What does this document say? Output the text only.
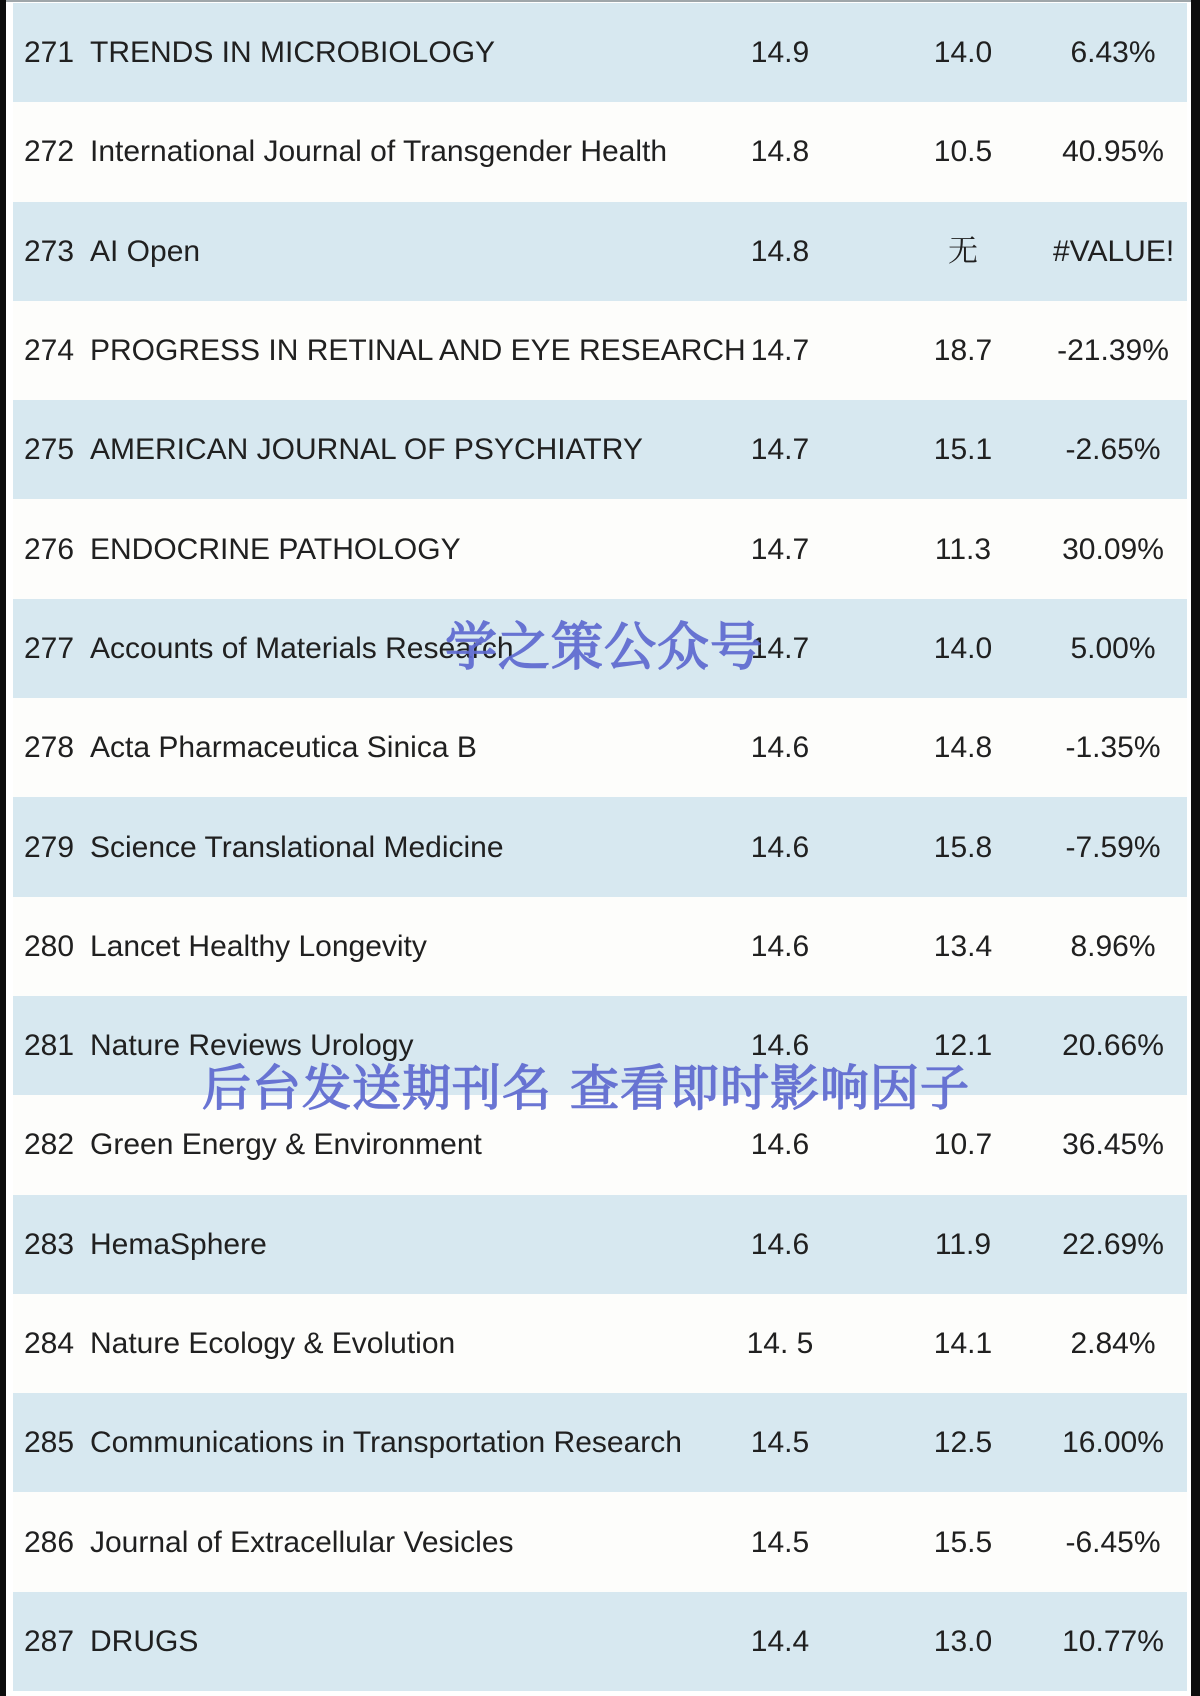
271 TRENDS IN MICROBIOLOGY	14.9	14.0	6.43%
272 International Journal of Transgender Health	14.8	10.5	40.95%
273 AI Open	14.8	无	#VALUE!
274 PROGRESS IN RETINAL AND EYE RESEARCH 14.7	18.7	-21.39%
275 AMERICAN JOURNAL OF PSYCHIATRY	14.7	15.1	-2.65%
276 ENDOCRINE PATHOLOGY	14.7	11.3	30.09%
277 Accounts of Materials Research	14.7	14.0	5.00%
278 Acta Pharmaceutica Sinica B	14.6	14.8	-1.35%
279 Science Translational Medicine	14.6	15.8	-7.59%
280 Lancet Healthy Longevity	14.6	13.4	8.96%
281 Nature Reviews Urology	14.6	12.1	20.66%
282 Green Energy & Environment	14.6	10.7	36.45%
283 HemaSphere	14.6	11.9	22.69%
284 Nature Ecology & Evolution	14. 5	14.1	2.84%
285 Communications in Transportation Research	14.5	12.5	16.00%
286 Journal of Extracellular Vesicles	14.5	15.5	-6.45%
287 DRUGS	14.4	13.0	10.77%
学之策公众号
后台发送期刊名 查看即时影响因子
